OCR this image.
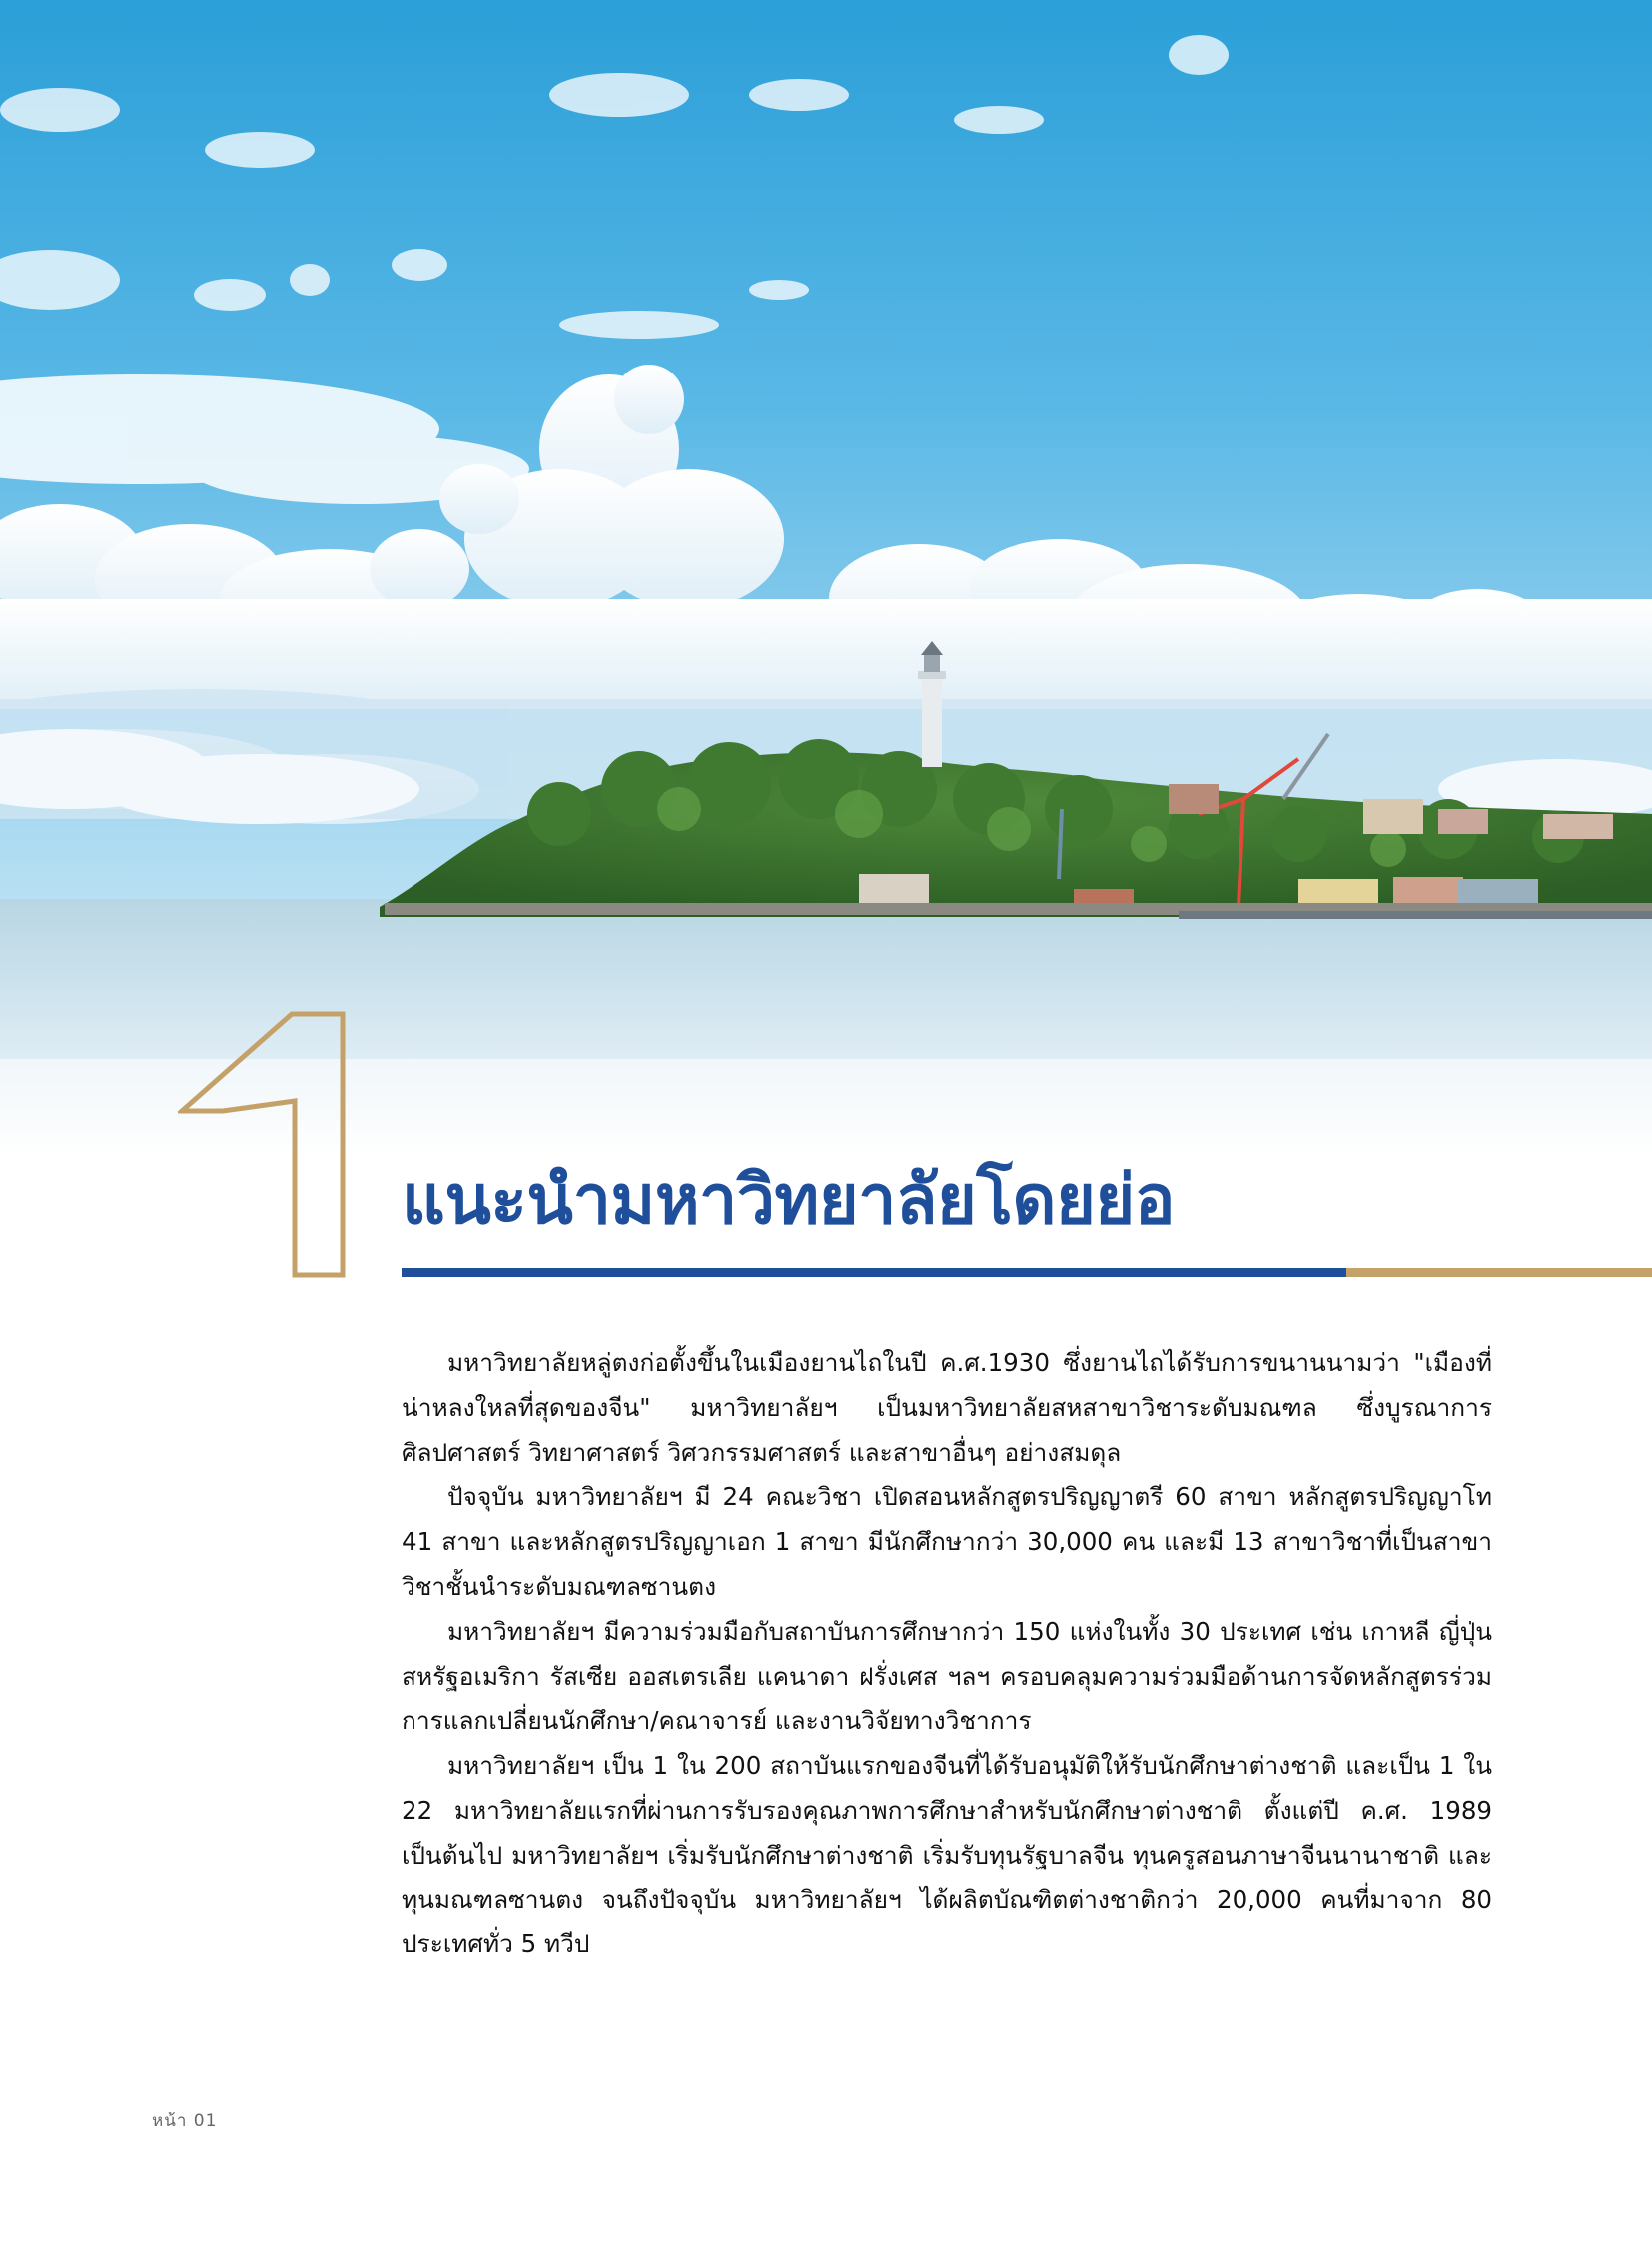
แนะนำมหาวิทยาลัยโดยย่อ

มหาวิทยาลัยหลู่ตงก่อตั้งขึ้นในเมืองยานไถในปี ค.ศ.1930 ซึ่งยานไถได้รับการขนานนามว่า "เมืองที่น่าหลงใหลที่สุดของจีน" มหาวิทยาลัยฯ เป็นมหาวิทยาลัยสหสาขาวิชาระดับมณฑล ซึ่งบูรณาการศิลปศาสตร์ วิทยาศาสตร์ วิศวกรรมศาสตร์ และสาขาอื่นๆ อย่างสมดุล

ปัจจุบัน มหาวิทยาลัยฯ มี 24 คณะวิชา เปิดสอนหลักสูตรปริญญาตรี 60 สาขา หลักสูตรปริญญาโท 41 สาขา และหลักสูตรปริญญาเอก 1 สาขา มีนักศึกษากว่า 30,000 คน และมี 13 สาขาวิชาที่เป็นสาขาวิชาชั้นนำระดับมณฑลซานตง

มหาวิทยาลัยฯ มีความร่วมมือกับสถาบันการศึกษากว่า 150 แห่งในทั้ง 30 ประเทศ เช่น เกาหลี ญี่ปุ่น สหรัฐอเมริกา รัสเซีย ออสเตรเลีย แคนาดา ฝรั่งเศส ฯลฯ ครอบคลุมความร่วมมือด้านการจัดหลักสูตรร่วม การแลกเปลี่ยนนักศึกษา/คณาจารย์ และงานวิจัยทางวิชาการ

มหาวิทยาลัยฯ เป็น 1 ใน 200 สถาบันแรกของจีนที่ได้รับอนุมัติให้รับนักศึกษาต่างชาติ และเป็น 1 ใน 22 มหาวิทยาลัยแรกที่ผ่านการรับรองคุณภาพการศึกษาสำหรับนักศึกษาต่างชาติ ตั้งแต่ปี ค.ศ. 1989 เป็นต้นไป มหาวิทยาลัยฯ เริ่มรับนักศึกษาต่างชาติ เริ่มรับทุนรัฐบาลจีน ทุนครูสอนภาษาจีนนานาชาติ และทุนมณฑลซานตง จนถึงปัจจุบัน มหาวิทยาลัยฯ ได้ผลิตบัณฑิตต่างชาติกว่า 20,000 คนที่มาจาก 80 ประเทศทั่ว 5 ทวีป

หน้า 01
